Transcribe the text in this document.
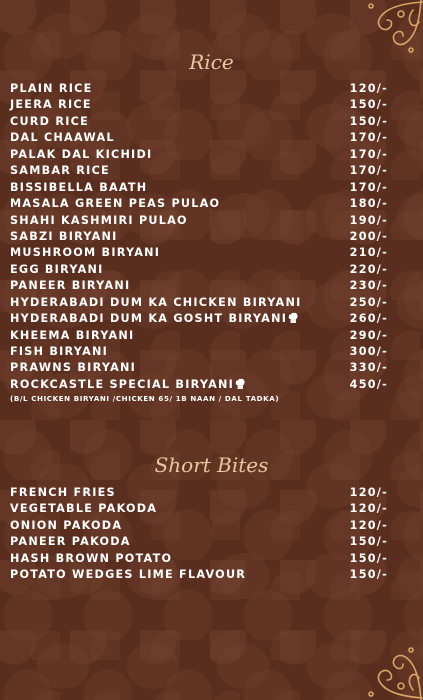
Rice
PLAIN RICE	120/-
JEERA RICE	150/-
CURD RICE	150/-
DAL CHAAWAL	170/-
PALAK DAL KICHIDI	170/-
SAMBAR RICE	170/-
BISSIBELLA BAATH	170/-
MASALA GREEN PEAS PULAO	180/-
SHAHI KASHMIRI PULAO	190/-
SABZI BIRYANI	200/-
MUSHROOM BIRYANI	210/-
EGG BIRYANI	220/-
PANEER BIRYANI	230/-
HYDERABADI DUM KA CHICKEN BIRYANI	250/-
HYDERABADI DUM KA GOSHT BIRYANI	260/-
KHEEMA BIRYANI	290/-
FISH BIRYANI	300/-
PRAWNS BIRYANI	330/-
ROCKCASTLE SPECIAL BIRYANI	450/-
(B/L CHICKEN BIRYANI /CHICKEN 65/ 1B NAAN / DAL TADKA)
Short Bites
FRENCH FRIES	120/-
VEGETABLE PAKODA	120/-
ONION PAKODA	120/-
PANEER PAKODA	150/-
HASH BROWN POTATO	150/-
POTATO WEDGES LIME FLAVOUR	150/-
